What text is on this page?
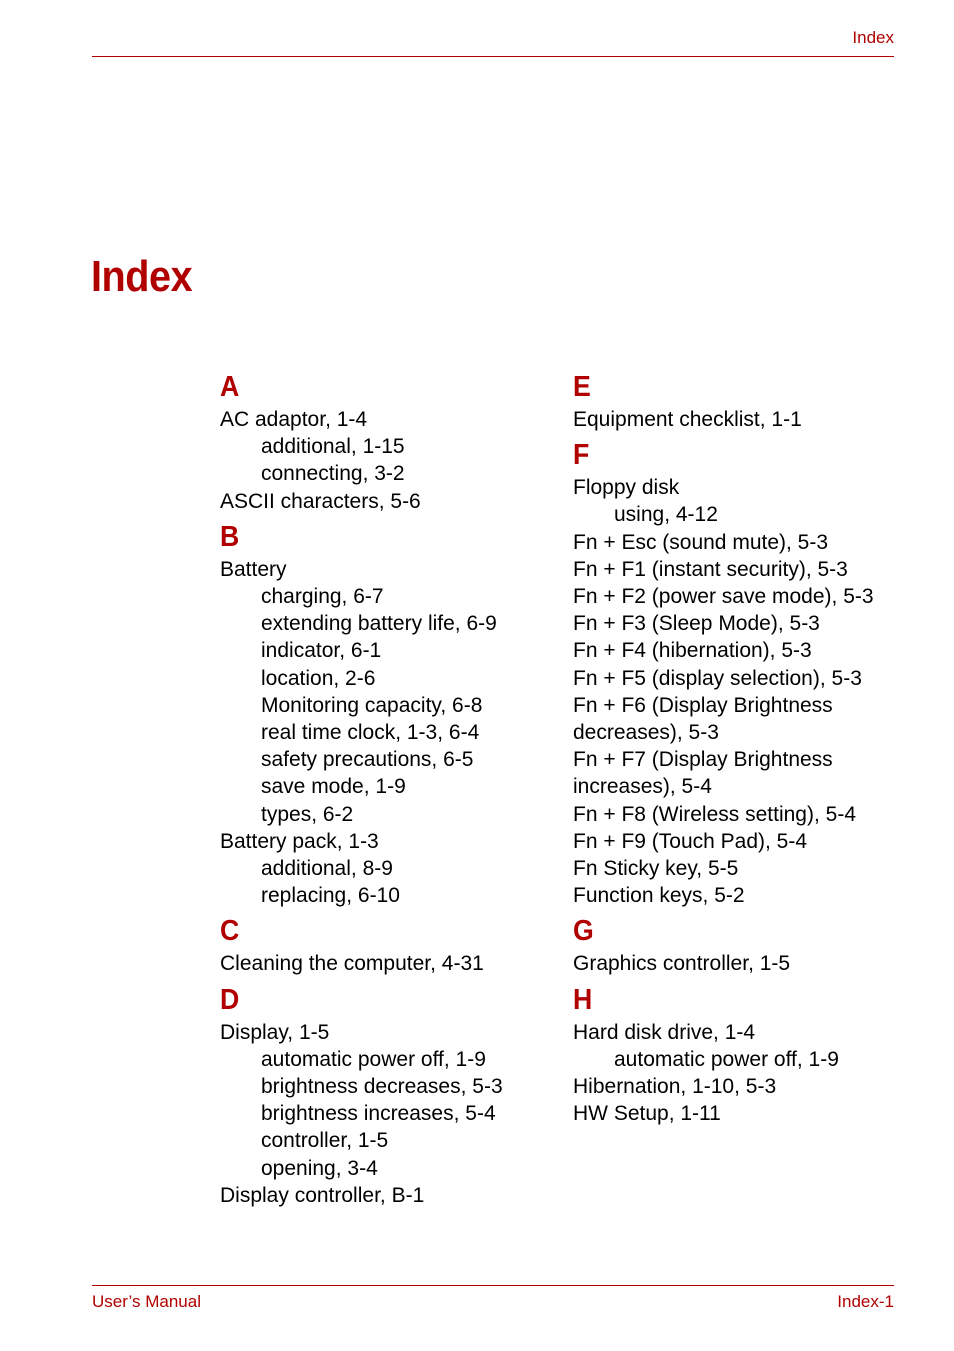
Index
Index
A
AC adaptor, 1-4
additional, 1-15
connecting, 3-2
ASCII characters, 5-6
B
Battery
charging, 6-7
extending battery life, 6-9
indicator, 6-1
location, 2-6
Monitoring capacity, 6-8
real time clock, 1-3, 6-4
safety precautions, 6-5
save mode, 1-9
types, 6-2
Battery pack, 1-3
additional, 8-9
replacing, 6-10
C
Cleaning the computer, 4-31
D
Display, 1-5
automatic power off, 1-9
brightness decreases, 5-3
brightness increases, 5-4
controller, 1-5
opening, 3-4
Display controller, B-1
E
Equipment checklist, 1-1
F
Floppy disk
using, 4-12
Fn + Esc (sound mute), 5-3
Fn + F1 (instant security), 5-3
Fn + F2 (power save mode), 5-3
Fn + F3 (Sleep Mode), 5-3
Fn + F4 (hibernation), 5-3
Fn + F5 (display selection), 5-3
Fn + F6 (Display Brightness
decreases), 5-3
Fn + F7 (Display Brightness
increases), 5-4
Fn + F8 (Wireless setting), 5-4
Fn + F9 (Touch Pad), 5-4
Fn Sticky key, 5-5
Function keys, 5-2
G
Graphics controller, 1-5
H
Hard disk drive, 1-4
automatic power off, 1-9
Hibernation, 1-10, 5-3
HW Setup, 1-11
User’s Manual	Index-1
